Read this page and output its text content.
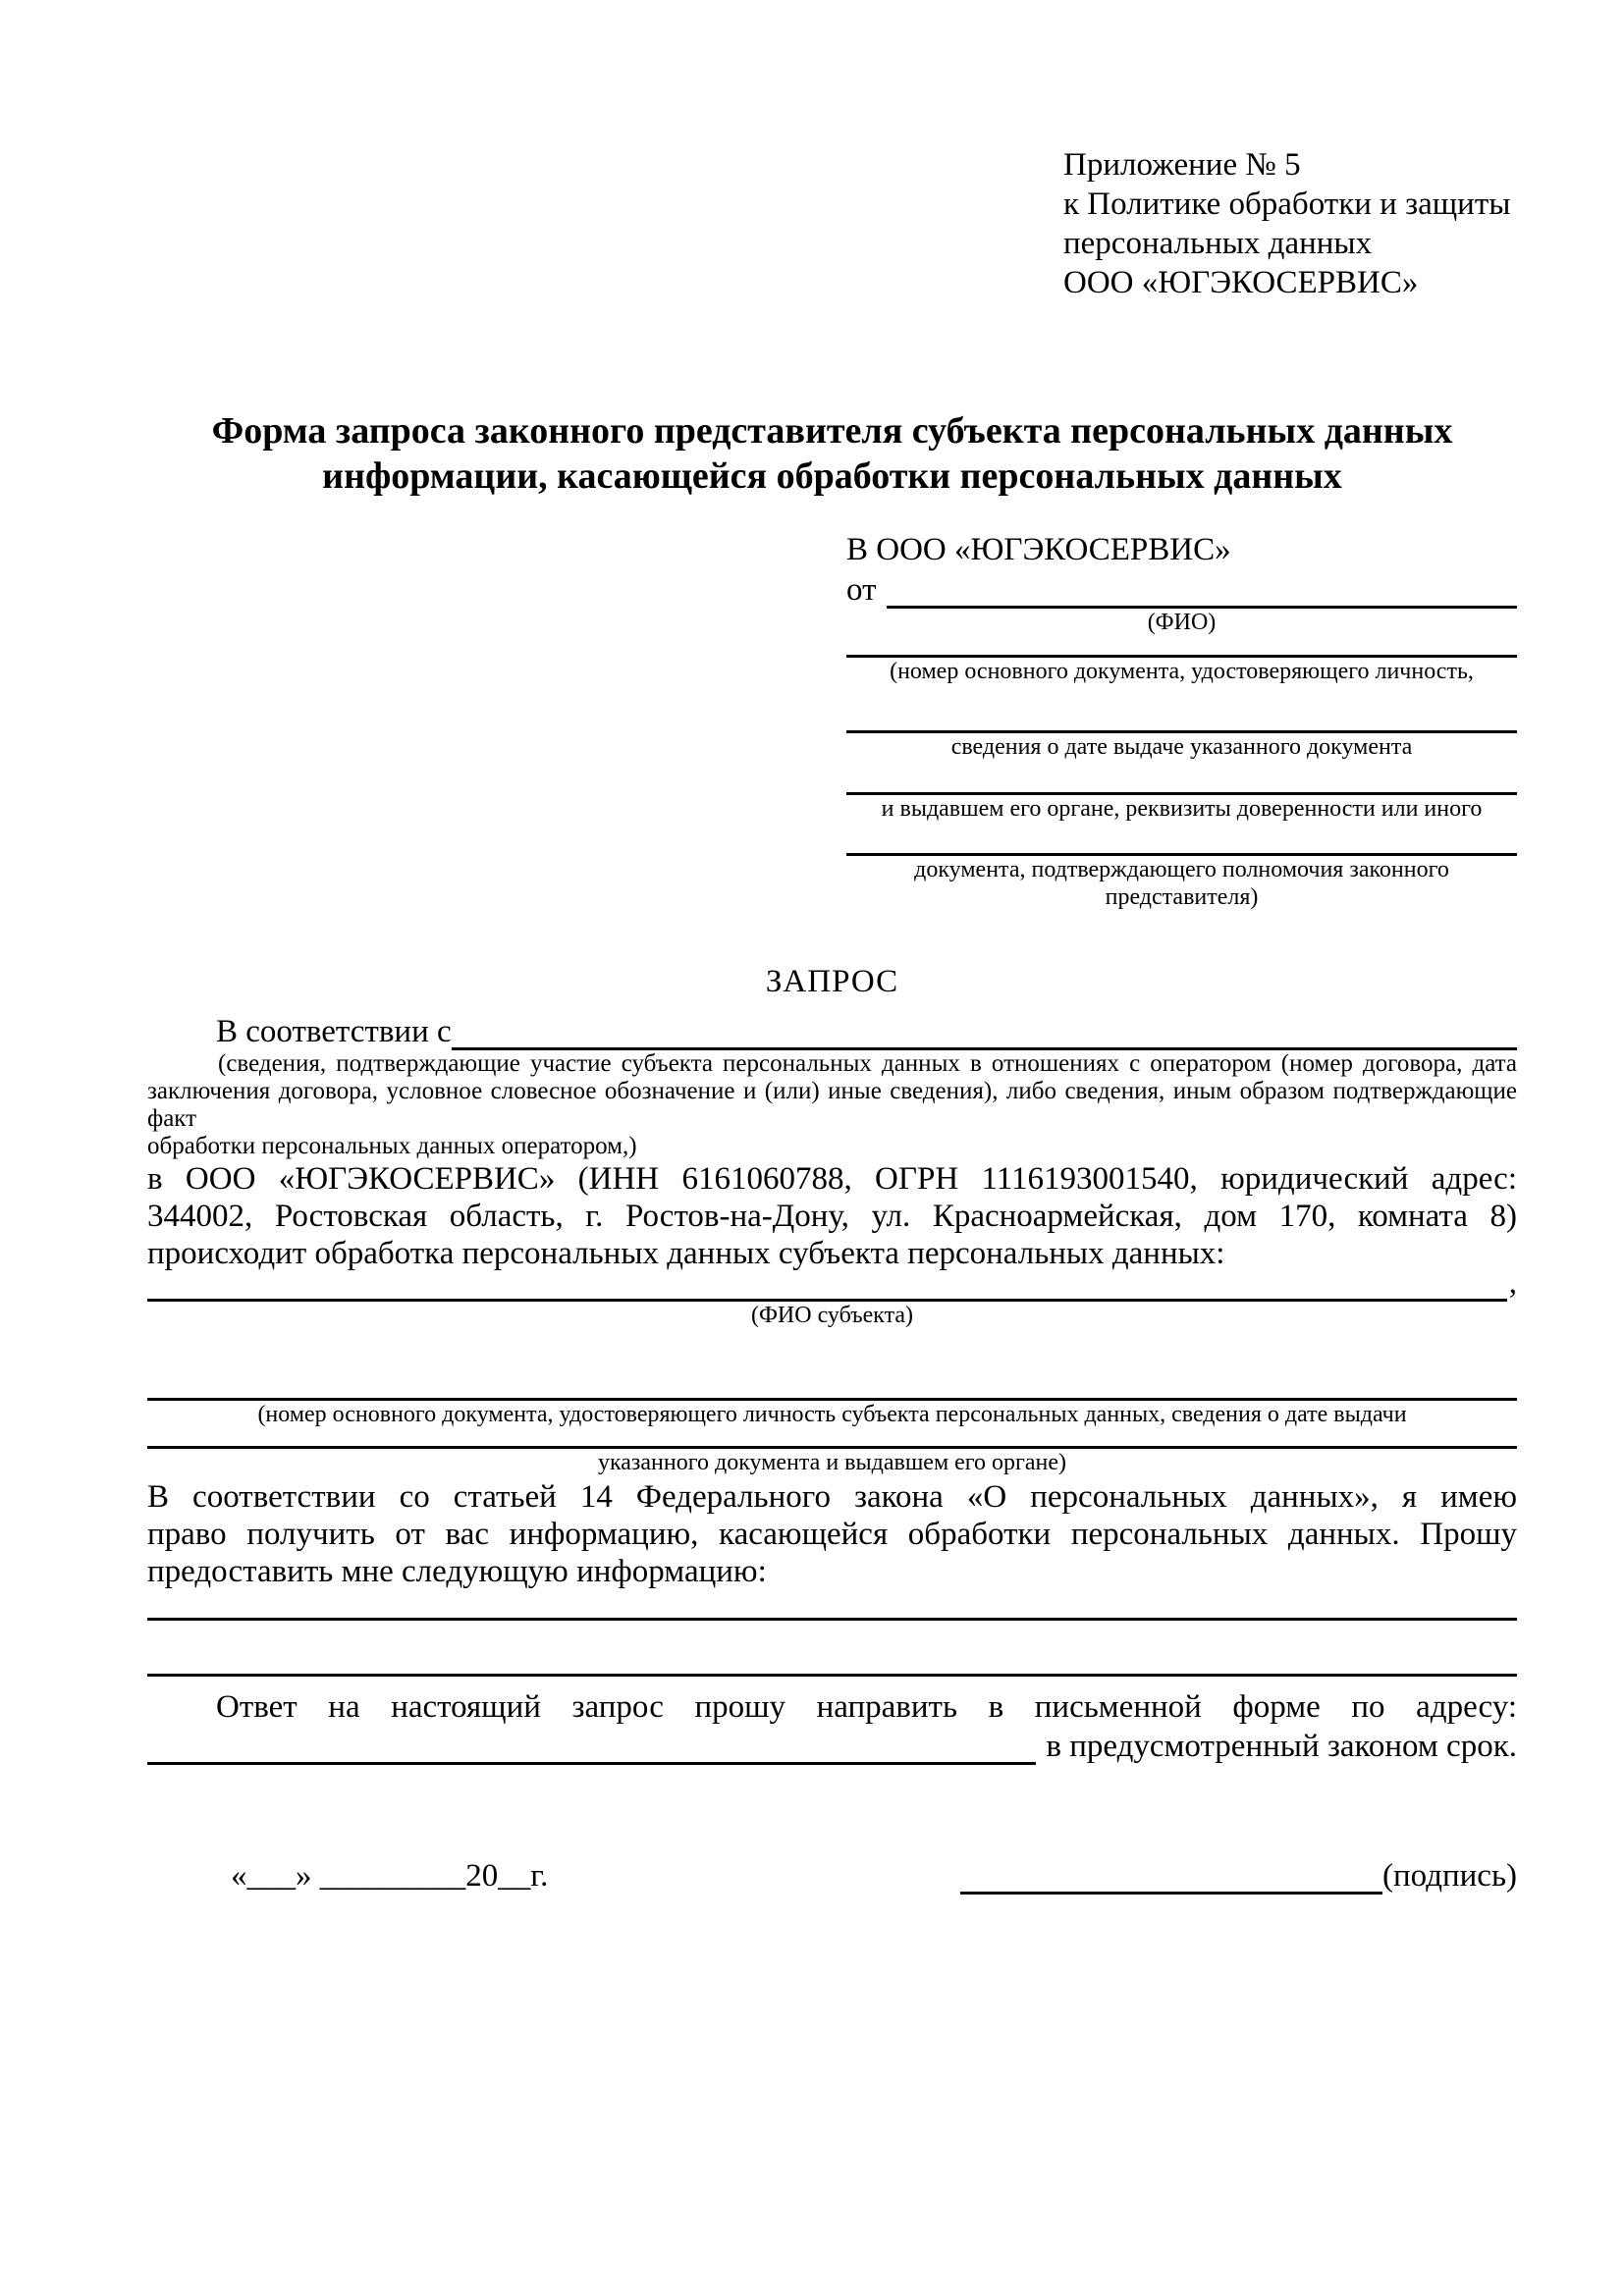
Приложение № 5
к Политике обработки и защиты
персональных данных
ООО «ЮГЭКОСЕРВИС»
Форма запроса законного представителя субъекта персональных данных
информации, касающейся обработки персональных данных
В ООО «ЮГЭКОСЕРВИС»
от
(ФИО)
(номер основного документа, удостоверяющего личность,
сведения о дате выдаче указанного документа
и выдавшем его органе, реквизиты доверенности или иного
документа, подтверждающего полномочия законного представителя)
ЗАПРОС
В соответствии с
(сведения, подтверждающие участие субъекта персональных данных в отношениях с оператором (номер договора, дата
заключения договора, условное словесное обозначение и (или) иные сведения), либо сведения, иным образом подтверждающие факт
обработки персональных данных оператором,)
в ООО «ЮГЭКОСЕРВИС» (ИНН 6161060788, ОГРН 1116193001540, юридический адрес:
344002, Ростовская область, г. Ростов-на-Дону, ул. Красноармейская, дом 170, комната 8)
происходит обработка персональных данных субъекта персональных данных:
,
(ФИО субъекта)
(номер основного документа, удостоверяющего личность субъекта персональных данных, сведения о дате выдачи
указанного документа и выдавшем его органе)
В соответствии со статьей 14 Федерального закона «О персональных данных», я имею
право получить от вас информацию, касающейся обработки персональных данных. Прошу
предоставить мне следующую информацию:
Ответ на настоящий запрос прошу направить в письменной форме по адресу:
в предусмотренный законом срок.
«___» _________20__г.	(подпись)
